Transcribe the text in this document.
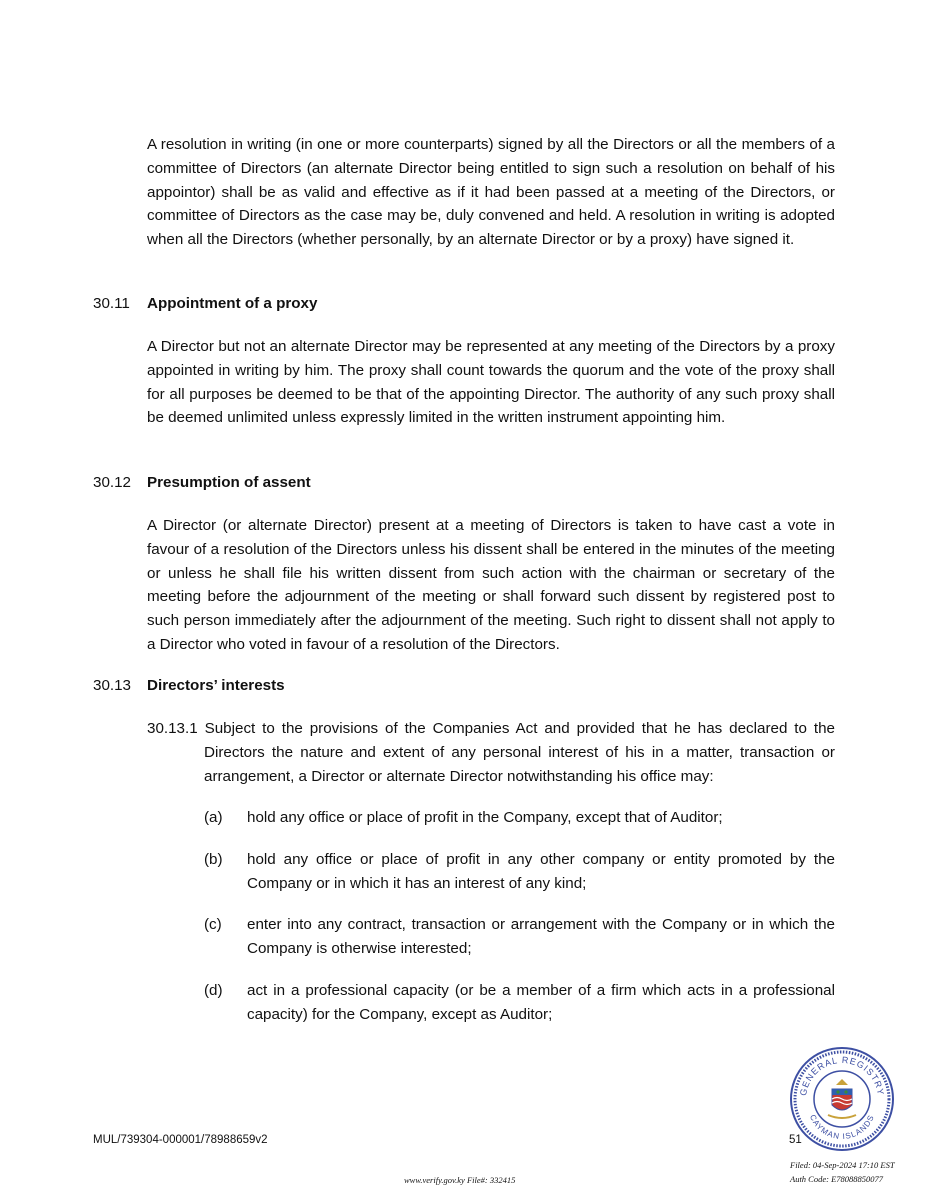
A resolution in writing (in one or more counterparts) signed by all the Directors or all the members of a committee of Directors (an alternate Director being entitled to sign such a resolution on behalf of his appointor) shall be as valid and effective as if it had been passed at a meeting of the Directors, or committee of Directors as the case may be, duly convened and held. A resolution in writing is adopted when all the Directors (whether personally, by an alternate Director or by a proxy) have signed it.

30.11 Appointment of a proxy

A Director but not an alternate Director may be represented at any meeting of the Directors by a proxy appointed in writing by him. The proxy shall count towards the quorum and the vote of the proxy shall for all purposes be deemed to be that of the appointing Director. The authority of any such proxy shall be deemed unlimited unless expressly limited in the written instrument appointing him.

30.12 Presumption of assent

A Director (or alternate Director) present at a meeting of Directors is taken to have cast a vote in favour of a resolution of the Directors unless his dissent shall be entered in the minutes of the meeting or unless he shall file his written dissent from such action with the chairman or secretary of the meeting before the adjournment of the meeting or shall forward such dissent by registered post to such person immediately after the adjournment of the meeting. Such right to dissent shall not apply to a Director who voted in favour of a resolution of the Directors.

30.13 Directors’ interests

30.13.1 Subject to the provisions of the Companies Act and provided that he has declared to the Directors the nature and extent of any personal interest of his in a matter, transaction or arrangement, a Director or alternate Director notwithstanding his office may:

(a) hold any office or place of profit in the Company, except that of Auditor;
(b) hold any office or place of profit in any other company or entity promoted by the Company or in which it has an interest of any kind;
(c) enter into any contract, transaction or arrangement with the Company or in which the Company is otherwise interested;
(d) act in a professional capacity (or be a member of a firm which acts in a professional capacity) for the Company, except as Auditor;
GENERAL REGISTRY
CAYMAN ISLANDS
MUL/739304-000001/78988659v2	51
Filed: 04-Sep-2024 17:10 EST
Auth Code: E78088850077
www.verify.gov.ky File#: 332415
